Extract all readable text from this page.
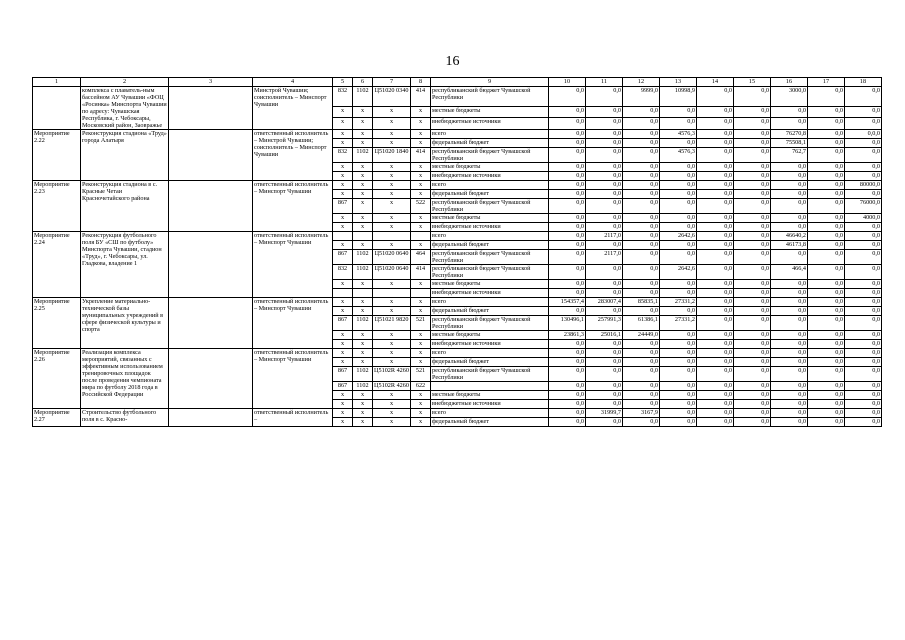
16
1	2	3	4	5	6	7	8	9	10	11	12	13	14	15	16	17	18
	комплекса с плаватель-ным бассейном АУ Чувашии «ФОЦ «Росинка» Минспорта Чувашии по адресу: Чувашская Республика, г. Чебоксары, Московский район, Заовражье		Минстрой Чувашии; соисполнитель – Минспорт Чувашии	832	1102	Ц51020 0340	414	республиканский бюджет Чувашской Республики	0,0	0,0	9999,0	10998,9	0,0	0,0	3000,0	0,0	0,0
				x	x	x	x	местные бюджеты	0,0	0,0	0,0	0,0	0,0	0,0	0,0	0,0	0,0
				x	x	x	x	внебюджетные источники	0,0	0,0	0,0	0,0	0,0	0,0	0,0	0,0	0,0
Мероприятие 2.22	Реконструкция стадиона «Труд» города Алатыря		ответственный исполнитель – Минстрой Чувашии; соисполнитель – Минспорт Чувашии	x	x	x	x	всего	0,0	0,0	0,0	4576,3	0,0	0,0	76270,8	0,0	0,0,0
				x	x	x	x	федеральный бюджет	0,0	0,0	0,0	0,0	0,0	0,0	75508,1	0,0	0,0
				832	1102	Ц51020 1840	414	республиканский бюджет Чувашской Республики	0,0	0,0	0,0	4576,3	0,0	0,0	762,7	0,0	0,0
				x	x	x	x	местные бюджеты	0,0	0,0	0,0	0,0	0,0	0,0	0,0	0,0	0,0
				x	x	x	x	внебюджетные источники	0,0	0,0	0,0	0,0	0,0	0,0	0,0	0,0	0,0
Мероприятие 2.23	Реконструкция стадиона в с. Красные Четаи Красночетайского района		ответственный исполнитель – Минспорт Чувашии	x	x	x	x	всего	0,0	0,0	0,0	0,0	0,0	0,0	0,0	0,0	80000,0
				x	x	x	x	федеральный бюджет	0,0	0,0	0,0	0,0	0,0	0,0	0,0	0,0	0,0
				867	x	x	522	республиканский бюджет Чувашской Республики	0,0	0,0	0,0	0,0	0,0	0,0	0,0	0,0	76000,0
				x	x	x	x	местные бюджеты	0,0	0,0	0,0	0,0	0,0	0,0	0,0	0,0	4000,0
				x	x	x	x	внебюджетные источники	0,0	0,0	0,0	0,0	0,0	0,0	0,0	0,0	0,0
Мероприятие 2.24	Реконструкция футбольного поля БУ «СШ по футболу» Минспорта Чувашии, стадион «Труд», г. Чебоксары, ул. Гладкова, владение 1		ответственный исполнитель – Минспорт Чувашии					всего	0,0	2117,0	0,0	2642,6	0,0	0,0	46640,2	0,0	0,0
				x	x	x	x	федеральный бюджет	0,0	0,0	0,0	0,0	0,0	0,0	46173,8	0,0	0,0
				867	1102	Ц51020 0640	464	республиканский бюджет Чувашской Республики	0,0	2117,0	0,0	0,0	0,0	0,0	0,0	0,0	0,0
				832	1102	Ц51020 0640	414	республиканский бюджет Чувашской Республики	0,0	0,0	0,0	2642,6	0,0	0,0	466,4	0,0	0,0
				x	x	x	x	местные бюджеты	0,0	0,0	0,0	0,0	0,0	0,0	0,0	0,0	0,0
								внебюджетные источники	0,0	0,0	0,0	0,0	0,0	0,0	0,0	0,0	0,0
Мероприятие 2.25	Укрепление материально-технической базы муниципальных учреждений в сфере физической культуры и спорта		ответственный исполнитель – Минспорт Чувашии	x	x	x	x	всего	154357,4	283007,4	85835,1	27331,2	0,0	0,0	0,0	0,0	0,0
				x	x	x	x	федеральный бюджет	0,0	0,0	0,0	0,0	0,0	0,0	0,0	0,0	0,0
				867	1102	Ц51021 9820	521	республиканский бюджет Чувашской Республики	130496,1	257991,3	61386,1	27331,2	0,0	0,0	0,0	0,0	0,0
				x	x	x	x	местные бюджеты	23861,3	25016,1	24449,0	0,0	0,0	0,0	0,0	0,0	0,0
				x	x	x	x	внебюджетные источники	0,0	0,0	0,0	0,0	0,0	0,0	0,0	0,0	0,0
Мероприятие 2.26	Реализация комплекса мероприятий, связанных с эффективным использованием тренировочных площадок после проведения чемпионата мира по футболу 2018 года в Российской Федерации		ответственный исполнитель – Минспорт Чувашии	x	x	x	x	всего	0,0	0,0	0,0	0,0	0,0	0,0	0,0	0,0	0,0
				x	x	x	x	федеральный бюджет	0,0	0,0	0,0	0,0	0,0	0,0	0,0	0,0	0,0
				867	1102	Ц5102R 4260	521	республиканский бюджет Чувашской Республики	0,0	0,0	0,0	0,0	0,0	0,0	0,0	0,0	0,0
				867	1102	Ц5102R 4260	622		0,0	0,0	0,0	0,0	0,0	0,0	0,0	0,0	0,0
				x	x	x	x	местные бюджеты	0,0	0,0	0,0	0,0	0,0	0,0	0,0	0,0	0,0
				x	x	x	x	внебюджетные источники	0,0	0,0	0,0	0,0	0,0	0,0	0,0	0,0	0,0
Мероприятие 2.27	Строительство футбольного поля в с. Красно-		ответственный исполнитель –	x	x	x	x	всего	0,0	31999,7	3167,9	0,0	0,0	0,0	0,0	0,0	0,0
				x	x	x	x	федеральный бюджет	0,0	0,0	0,0	0,0	0,0	0,0	0,0	0,0	0,0
